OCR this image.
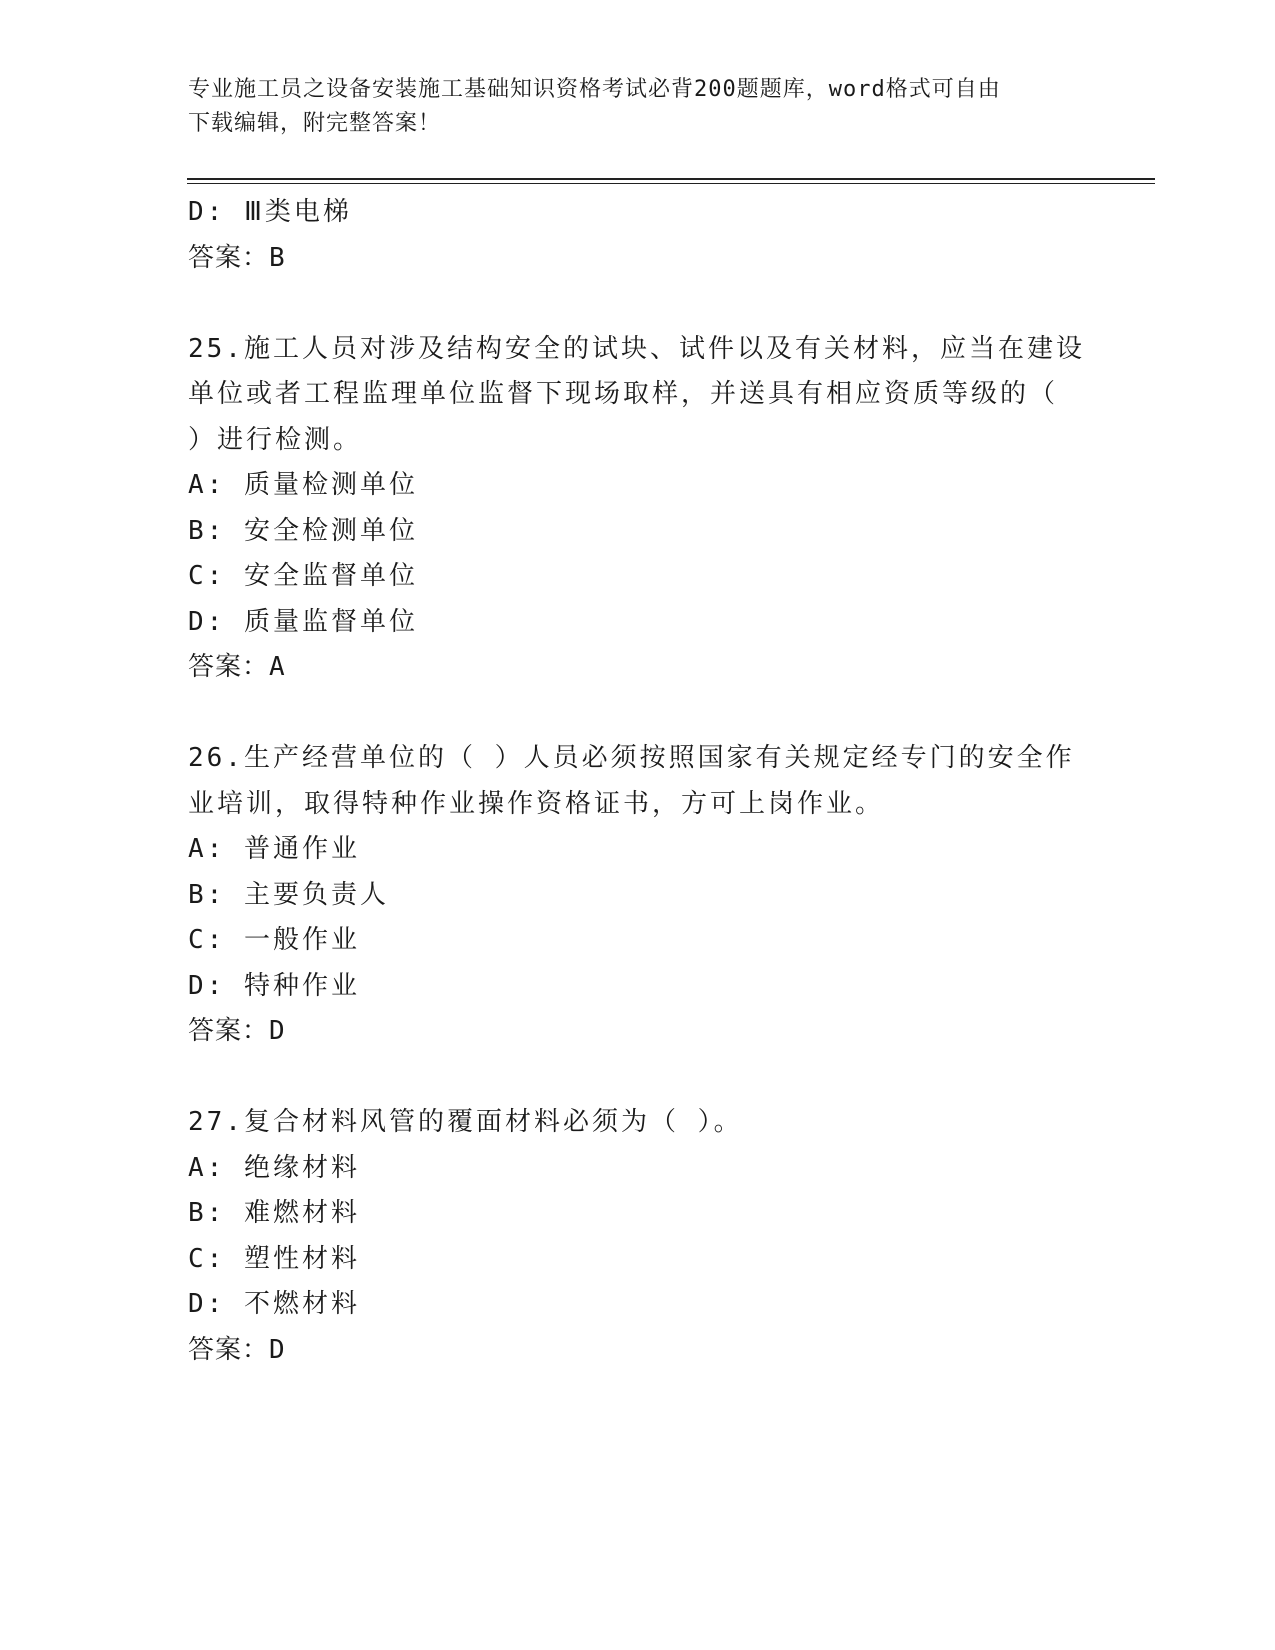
专业施工员之设备安装施工基础知识资格考试必背200题题库，word格式可自由
下载编辑，附完整答案！
D: Ⅲ类电梯
答案：B
25.施工人员对涉及结构安全的试块、试件以及有关材料，应当在建设
单位或者工程监理单位监督下现场取样，并送具有相应资质等级的（
）进行检测。
A: 质量检测单位
B: 安全检测单位
C: 安全监督单位
D: 质量监督单位
答案：A
26.生产经营单位的（ ）人员必须按照国家有关规定经专门的安全作
业培训，取得特种作业操作资格证书，方可上岗作业。
A: 普通作业
B: 主要负责人
C: 一般作业
D: 特种作业
答案：D
27.复合材料风管的覆面材料必须为（ ）。
A: 绝缘材料
B: 难燃材料
C: 塑性材料
D: 不燃材料
答案：D
